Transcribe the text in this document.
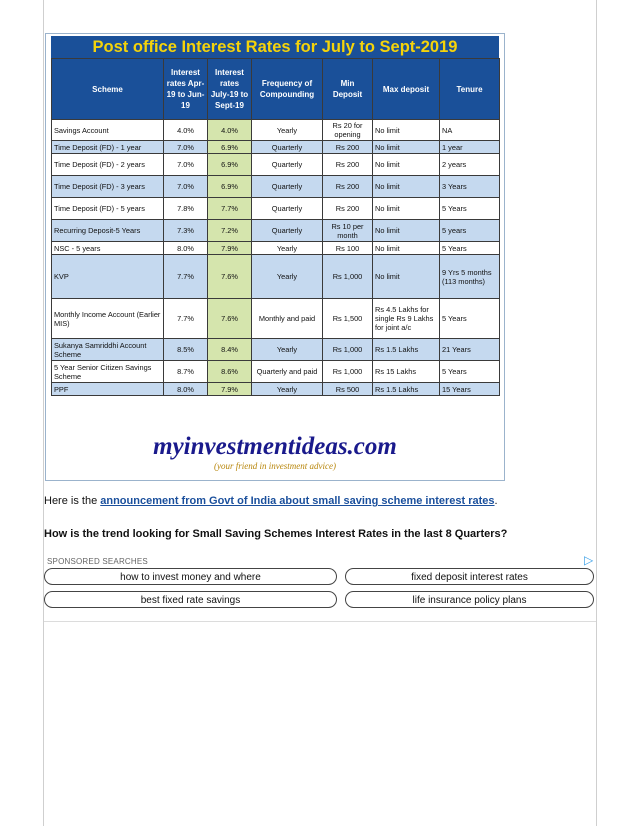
Post office Interest Rates for July to Sept-2019
Scheme	Interest rates Apr-19 to Jun-19	Interest rates July-19 to Sept-19	Frequency of Compounding	Min Deposit	Max deposit	Tenure
Savings Account	4.0%	4.0%	Yearly	Rs 20 for opening	No limit	NA
Time Deposit (FD) - 1 year	7.0%	6.9%	Quarterly	Rs 200	No limit	1 year
Time Deposit (FD) - 2 years	7.0%	6.9%	Quarterly	Rs 200	No limit	2 years
Time Deposit (FD) - 3 years	7.0%	6.9%	Quarterly	Rs 200	No limit	3 Years
Time Deposit (FD) - 5 years	7.8%	7.7%	Quarterly	Rs 200	No limit	5 Years
Recurring Deposit-5 Years	7.3%	7.2%	Quarterly	Rs 10 per month	No limit	5 years
NSC - 5 years	8.0%	7.9%	Yearly	Rs 100	No limit	5 Years
KVP	7.7%	7.6%	Yearly	Rs 1,000	No limit	9 Yrs 5 months (113 months)
Monthly Income Account (Earlier MIS)	7.7%	7.6%	Monthly and paid	Rs 1,500	Rs 4.5 Lakhs for single Rs 9 Lakhs for joint a/c	5 Years
Sukanya Samriddhi Account Scheme	8.5%	8.4%	Yearly	Rs 1,000	Rs 1.5 Lakhs	21 Years
5 Year Senior Citizen Savings Scheme	8.7%	8.6%	Quarterly and paid	Rs 1,000	Rs 15 Lakhs	5 Years
PPF	8.0%	7.9%	Yearly	Rs 500	Rs 1.5 Lakhs	15 Years
myinvestmentideas.com
(your friend in investment advice)
Here is the announcement from Govt of India about small saving scheme interest rates.
How is the trend looking for Small Saving Schemes Interest Rates in the last 8 Quarters?
SPONSORED SEARCHES	▷
how to invest money and where	fixed deposit interest rates
best fixed rate savings	life insurance policy plans
